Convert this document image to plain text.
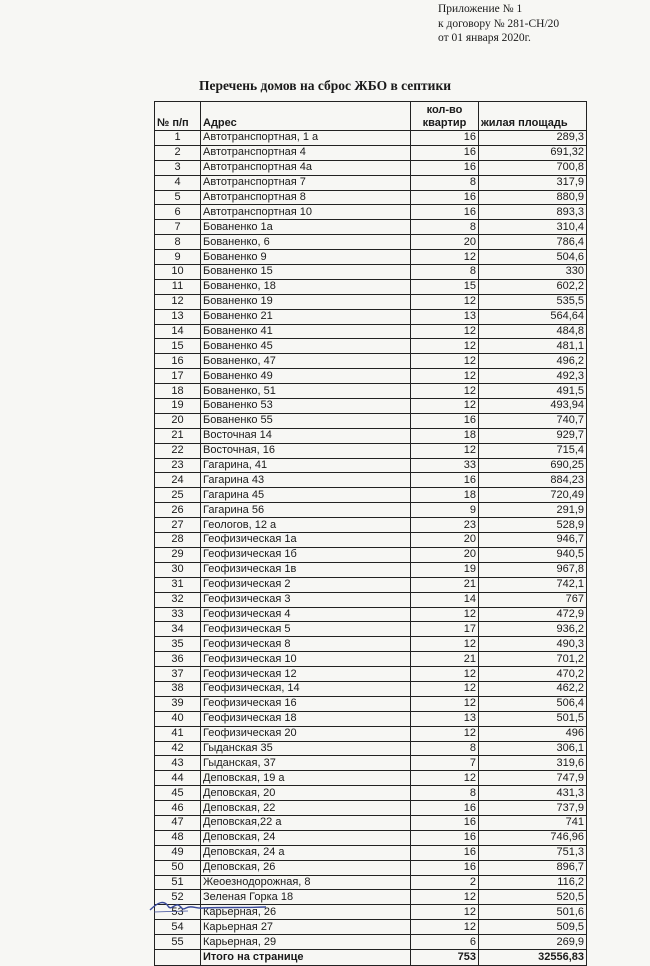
Приложение № 1
к договору № 281-СН/20
от 01 января 2020г.
Перечень домов на сброс ЖБО в септики
№ п/п	Адрес	кол-во квартир	жилая площадь
1	Автотранспортная, 1 а	16	289,3
2	Автотранспортная 4	16	691,32
3	Автотранспортная 4а	16	700,8
4	Автотранспортная 7	8	317,9
5	Автотранспортная 8	16	880,9
6	Автотранспортная 10	16	893,3
7	Бованенко 1а	8	310,4
8	Бованенко, 6	20	786,4
9	Бованенко 9	12	504,6
10	Бованенко 15	8	330
11	Бованенко, 18	15	602,2
12	Бованенко 19	12	535,5
13	Бованенко 21	13	564,64
14	Бованенко 41	12	484,8
15	Бованенко 45	12	481,1
16	Бованенко, 47	12	496,2
17	Бованенко 49	12	492,3
18	Бованенко, 51	12	491,5
19	Бованенко 53	12	493,94
20	Бованенко 55	16	740,7
21	Восточная 14	18	929,7
22	Восточная, 16	12	715,4
23	Гагарина, 41	33	690,25
24	Гагарина 43	16	884,23
25	Гагарина 45	18	720,49
26	Гагарина 56	9	291,9
27	Геологов, 12 а	23	528,9
28	Геофизическая 1а	20	946,7
29	Геофизическая 1б	20	940,5
30	Геофизическая 1в	19	967,8
31	Геофизическая 2	21	742,1
32	Геофизическая 3	14	767
33	Геофизическая 4	12	472,9
34	Геофизическая 5	17	936,2
35	Геофизическая 8	12	490,3
36	Геофизическая 10	21	701,2
37	Геофизическая 12	12	470,2
38	Геофизическая, 14	12	462,2
39	Геофизическая 16	12	506,4
40	Геофизическая 18	13	501,5
41	Геофизическая 20	12	496
42	Гыданская 35	8	306,1
43	Гыданская, 37	7	319,6
44	Деповская, 19 а	12	747,9
45	Деповская, 20	8	431,3
46	Деповская, 22	16	737,9
47	Деповская,22 а	16	741
48	Деповская, 24	16	746,96
49	Деповская, 24 а	16	751,3
50	Деповская, 26	16	896,7
51	Жеоезнодорожная, 8	2	116,2
52	Зеленая Горка 18	12	520,5
53	Карьерная, 26	12	501,6
54	Карьерная 27	12	509,5
55	Карьерная, 29	6	269,9
	Итого на странице	753	32556,83
